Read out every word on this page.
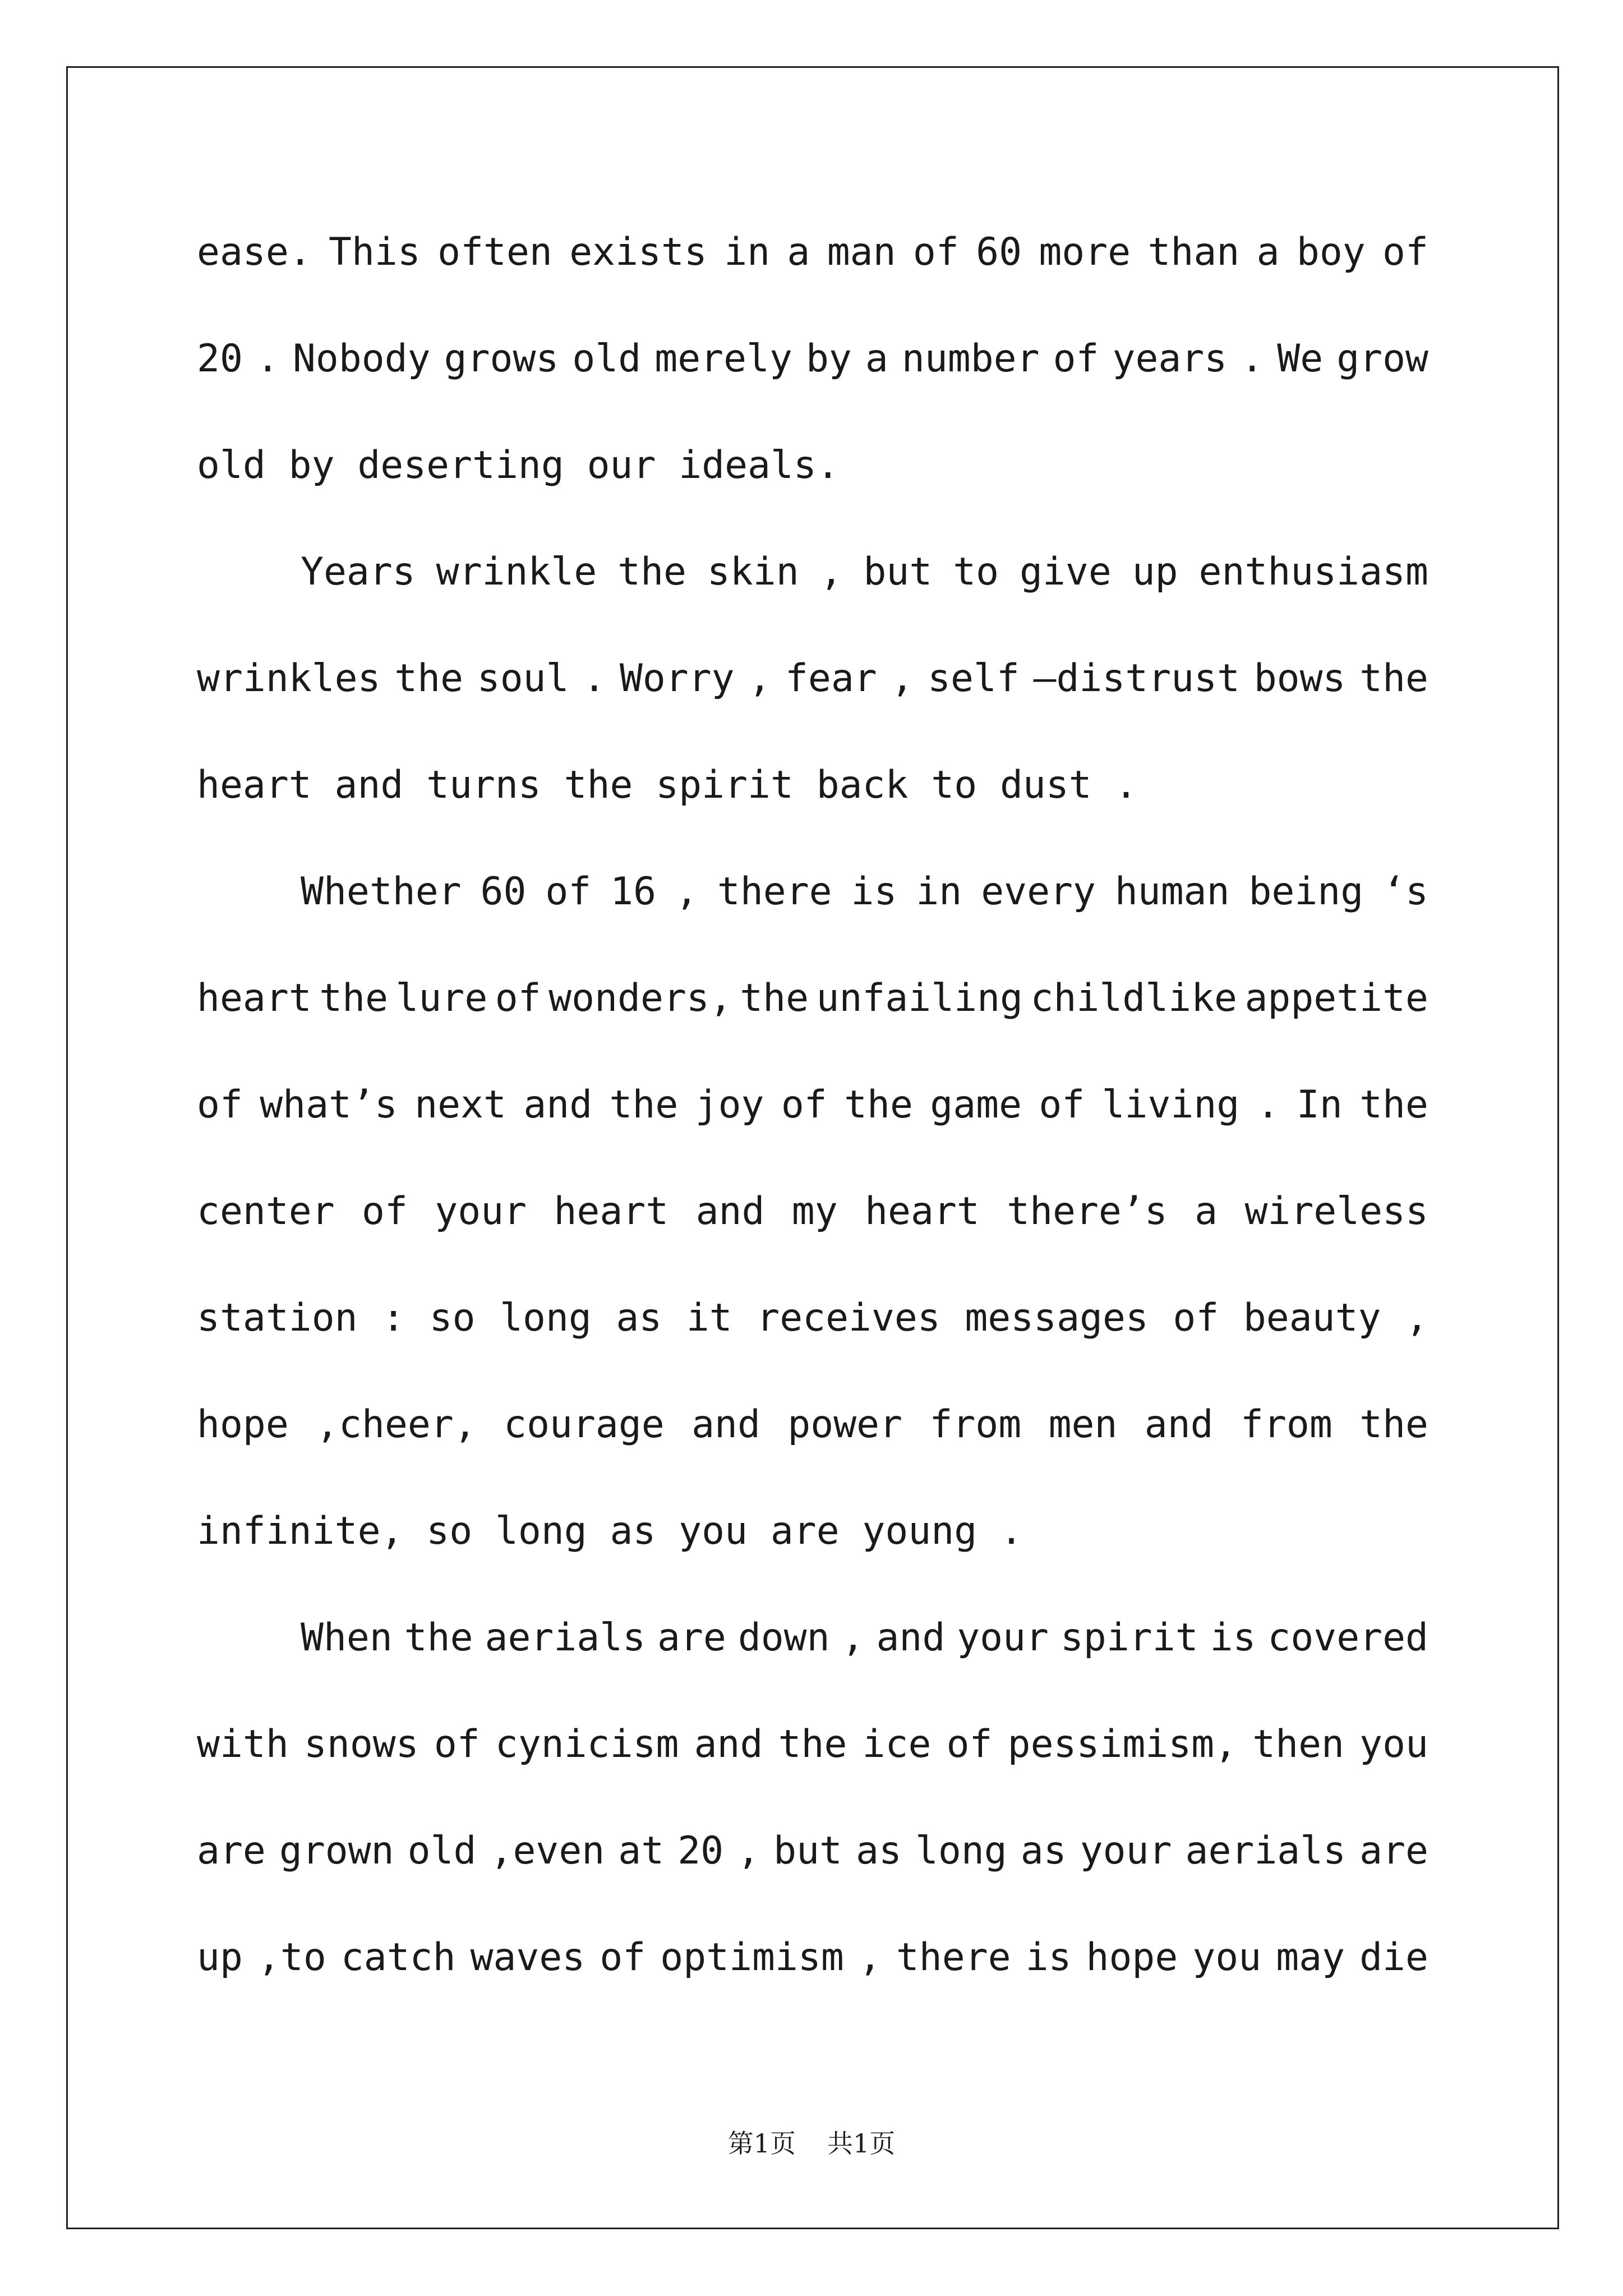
ease. This often exists in a man of 60 more than a boy of
20 . Nobody grows old merely by a number of years . We grow
old by deserting our ideals.
Years wrinkle the skin , but to give up enthusiasm
wrinkles the soul . Worry , fear , self –distrust bows the
heart and turns the spirit back to dust .
Whether 60 of 16 , there is in every human being ‘s
heart the lure of wonders, the unfailing childlike appetite
of what’s next and the joy of the game of living . In the
center of your heart and my heart there’s a wireless
station : so long as it receives messages of beauty ,
hope ,cheer, courage and power from men and from the
infinite, so long as you are young .
When the aerials are down , and your spirit is covered
with snows of cynicism and the ice of pessimism, then you
are grown old ,even at 20 , but as long as your aerials are
up ,to catch waves of optimism , there is hope you may die
第1页 共1页
